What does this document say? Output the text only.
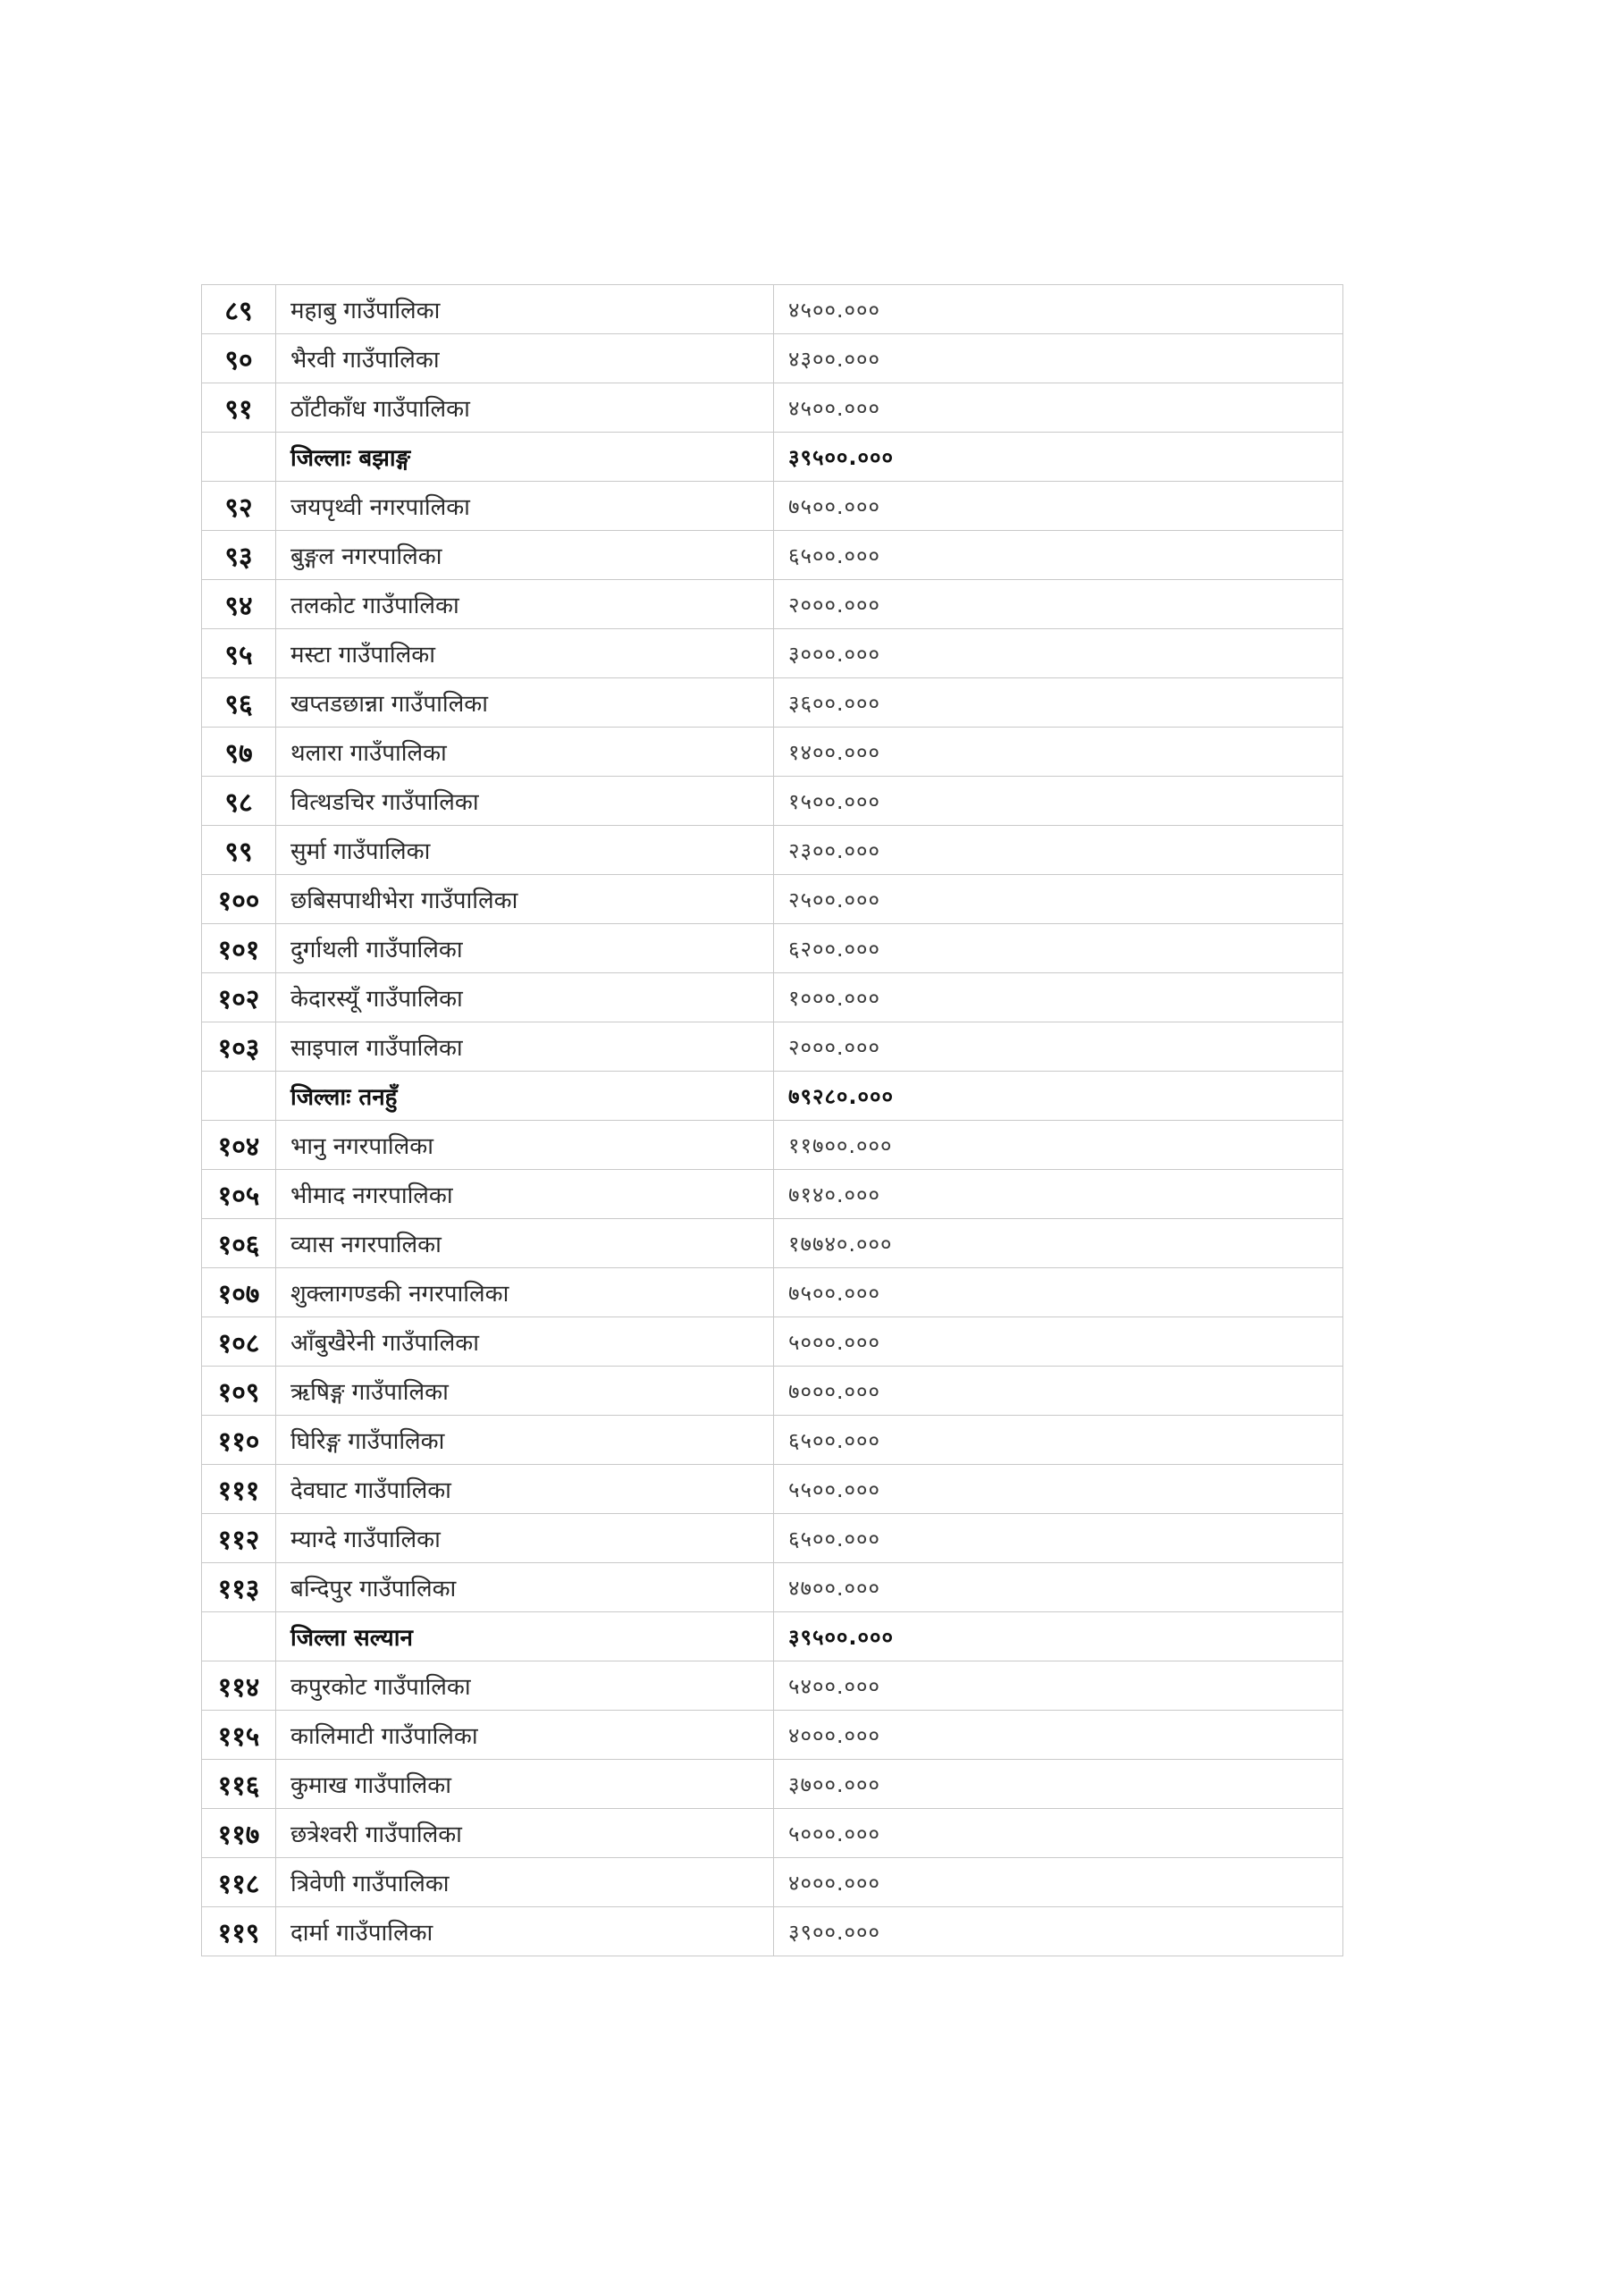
८९	महाबु गाउँपालिका	४५००.०००
९०	भैरवी गाउँपालिका	४३००.०००
९१	ठाँटीकाँध गाउँपालिका	४५००.०००
	जिल्लाः बझाङ्ग	३९५००.०००
९२	जयपृथ्वी नगरपालिका	७५००.०००
९३	बुङ्गल नगरपालिका	६५००.०००
९४	तलकोट गाउँपालिका	२०००.०००
९५	मस्टा गाउँपालिका	३०००.०००
९६	खप्तडछान्ना गाउँपालिका	३६००.०००
९७	थलारा गाउँपालिका	१४००.०००
९८	वित्थडचिर गाउँपालिका	१५००.०००
९९	सुर्मा गाउँपालिका	२३००.०००
१००	छबिसपाथीभेरा गाउँपालिका	२५००.०००
१०१	दुर्गाथली गाउँपालिका	६२००.०००
१०२	केदारस्यूँ गाउँपालिका	१०००.०००
१०३	साइपाल गाउँपालिका	२०००.०००
	जिल्लाः तनहुँ	७९२८०.०००
१०४	भानु नगरपालिका	११७००.०००
१०५	भीमाद नगरपालिका	७१४०.०००
१०६	व्यास नगरपालिका	१७७४०.०००
१०७	शुक्लागण्डकी नगरपालिका	७५००.०००
१०८	आँबुखैरेनी गाउँपालिका	५०००.०००
१०९	ऋषिङ्ग गाउँपालिका	७०००.०००
११०	घिरिङ्ग गाउँपालिका	६५००.०००
१११	देवघाट गाउँपालिका	५५००.०००
११२	म्याग्दे गाउँपालिका	६५००.०००
११३	बन्दिपुर गाउँपालिका	४७००.०००
	जिल्ला सल्यान	३९५००.०००
११४	कपुरकोट गाउँपालिका	५४००.०००
११५	कालिमाटी गाउँपालिका	४०००.०००
११६	कुमाख गाउँपालिका	३७००.०००
११७	छत्रेश्वरी गाउँपालिका	५०००.०००
११८	त्रिवेणी गाउँपालिका	४०००.०००
११९	दार्मा गाउँपालिका	३९००.०००
